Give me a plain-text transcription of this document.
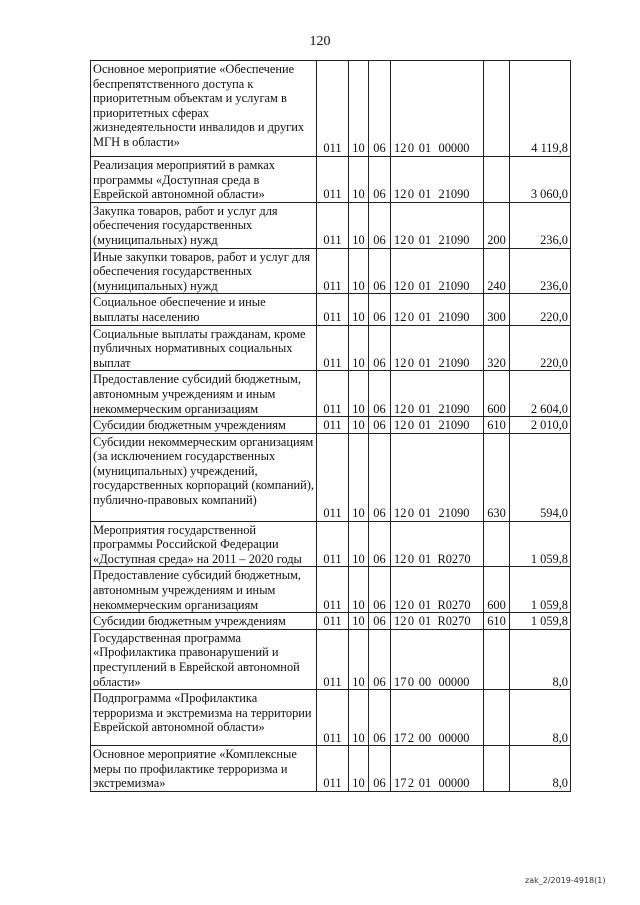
120
Основное мероприятие «Обеспечение беспрепятственного доступа к приоритетным объектам и услугам в приоритетных сферах жизнедеятельности инвалидов и других МГН в области»	011	10	06	12 0 01 00000		4 119,8
Реализация мероприятий в рамках программы «Доступная среда в Еврейской автономной области»	011	10	06	12 0 01 21090		3 060,0
Закупка товаров, работ и услуг для обеспечения государственных (муниципальных) нужд	011	10	06	12 0 01 21090	200	236,0
Иные закупки товаров, работ и услуг для обеспечения государственных (муниципальных) нужд	011	10	06	12 0 01 21090	240	236,0
Социальное обеспечение и иные выплаты населению	011	10	06	12 0 01 21090	300	220,0
Социальные выплаты гражданам, кроме публичных нормативных социальных выплат	011	10	06	12 0 01 21090	320	220,0
Предоставление субсидий бюджетным, автономным учреждениям и иным некоммерческим организациям	011	10	06	12 0 01 21090	600	2 604,0
Субсидии бюджетным учреждениям	011	10	06	12 0 01 21090	610	2 010,0
Субсидии некоммерческим организациям (за исключением государственных (муниципальных) учреждений, государственных корпораций (компаний), публично-правовых компаний)	011	10	06	12 0 01 21090	630	594,0
Мероприятия государственной программы Российской Федерации «Доступная среда» на 2011 – 2020 годы	011	10	06	12 0 01 R0270		1 059,8
Предоставление субсидий бюджетным, автономным учреждениям и иным некоммерческим организациям	011	10	06	12 0 01 R0270	600	1 059,8
Субсидии бюджетным учреждениям	011	10	06	12 0 01 R0270	610	1 059,8
Государственная программа «Профилактика правонарушений и преступлений в Еврейской автономной области»	011	10	06	17 0 00 00000		8,0
Подпрограмма «Профилактика терроризма и экстремизма на территории Еврейской автономной области»	011	10	06	17 2 00 00000		8,0
Основное мероприятие «Комплексные меры по профилактике терроризма и экстремизма»	011	10	06	17 2 01 00000		8,0
zak_2/2019-4918(1)
